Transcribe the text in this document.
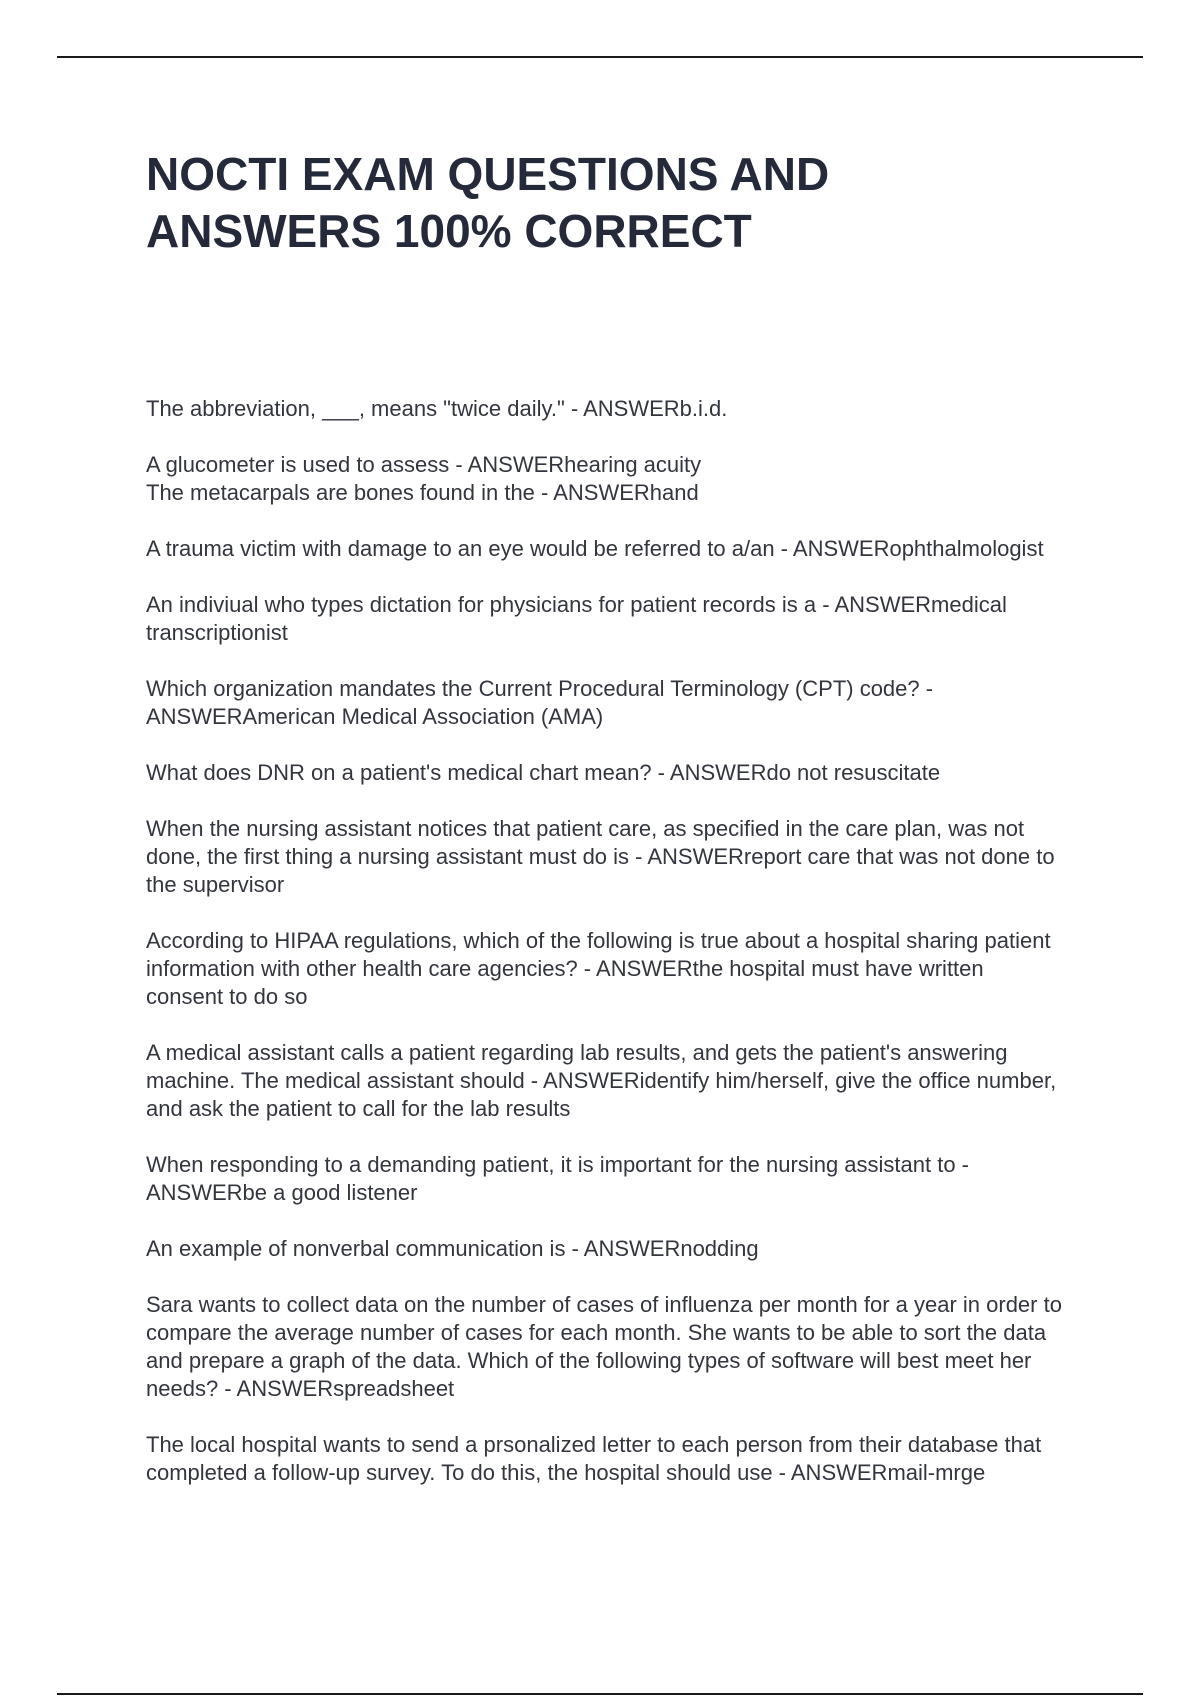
NOCTI EXAM QUESTIONS AND ANSWERS 100% CORRECT

The abbreviation, ___, means "twice daily." - ANSWERb.i.d.

A glucometer is used to assess - ANSWERhearing acuity
The metacarpals are bones found in the - ANSWERhand

A trauma victim with damage to an eye would be referred to a/an - ANSWERophthalmologist

An indiviual who types dictation for physicians for patient records is a - ANSWERmedical transcriptionist

Which organization mandates the Current Procedural Terminology (CPT) code? - ANSWERAmerican Medical Association (AMA)

What does DNR on a patient's medical chart mean? - ANSWERdo not resuscitate

When the nursing assistant notices that patient care, as specified in the care plan, was not done, the first thing a nursing assistant must do is - ANSWERreport care that was not done to the supervisor

According to HIPAA regulations, which of the following is true about a hospital sharing patient information with other health care agencies? - ANSWERthe hospital must have written consent to do so

A medical assistant calls a patient regarding lab results, and gets the patient's answering machine. The medical assistant should - ANSWERidentify him/herself, give the office number, and ask the patient to call for the lab results

When responding to a demanding patient, it is important for the nursing assistant to - ANSWERbe a good listener

An example of nonverbal communication is - ANSWERnodding

Sara wants to collect data on the number of cases of influenza per month for a year in order to compare the average number of cases for each month. She wants to be able to sort the data and prepare a graph of the data. Which of the following types of software will best meet her needs? - ANSWERspreadsheet

The local hospital wants to send a prsonalized letter to each person from their database that completed a follow-up survey. To do this, the hospital should use - ANSWERmail-mrge
